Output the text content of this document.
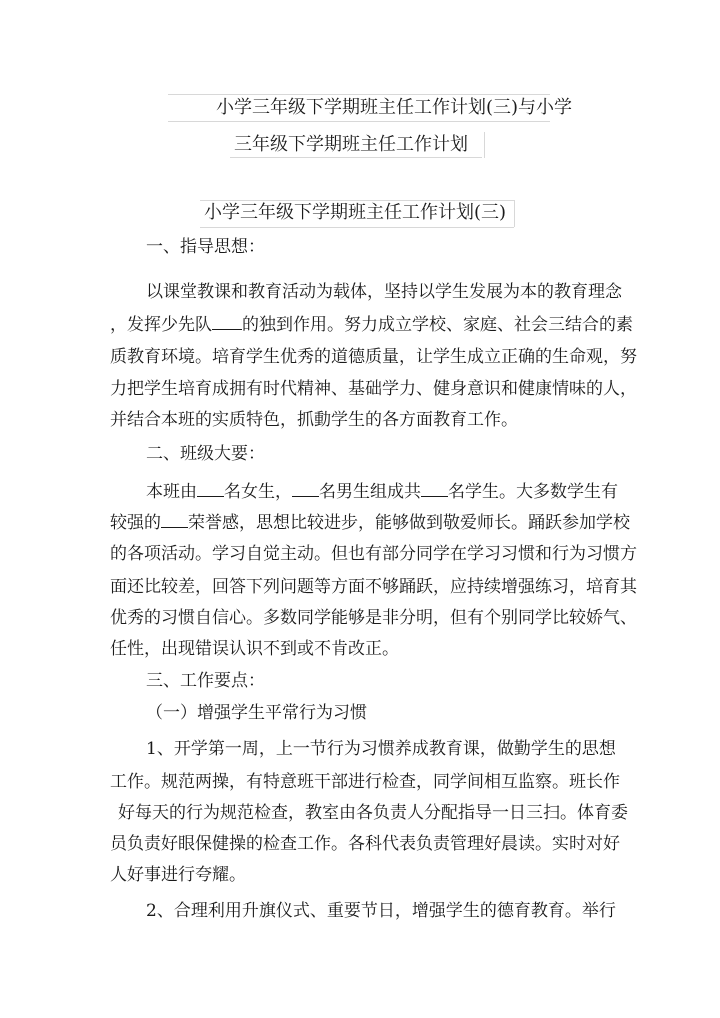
小学三年级下学期班主任工作计划(三)与小学
三年级下学期班主任工作计划
小学三年级下学期班主任工作计划(三)
一、指导思想：
以课堂教课和教育活动为载体，坚持以学生发展为本的教育理念
，发挥少先队 的独到作用。努力成立学校、家庭、社会三结合的素
质教育环境。培育学生优秀的道德质量，让学生成立正确的生命观，努
力把学生培育成拥有时代精神、基础学力、健身意识和健康情味的人，
并结合本班的实质特色，抓動学生的各方面教育工作。
二、班级大要：
本班由 名女生， 名男生组成共 名学生。大多数学生有
较强的 荣誉感，思想比较进步，能够做到敬爱师长。踊跃参加学校
的各项活动。学习自觉主动。但也有部分同学在学习习惯和行为习惯方
面还比较差，回答下列问题等方面不够踊跃，应持续增强练习，培育其
优秀的习惯自信心。多数同学能够是非分明，但有个别同学比较娇气、
任性，出现错误认识不到或不肯改正。
三、工作要点：
（一）增强学生平常行为习惯
1、开学第一周，上一节行为习惯养成教育课，做勤学生的思想
工作。规范两操，有特意班干部进行检查，同学间相互监察。班长作
好每天的行为规范检查，教室由各负责人分配指导一日三扫。体育委
员负责好眼保健操的检查工作。各科代表负责管理好晨读。实时对好
人好事进行夸耀。
2、合理利用升旗仪式、重要节日，增强学生的德育教育。举行
